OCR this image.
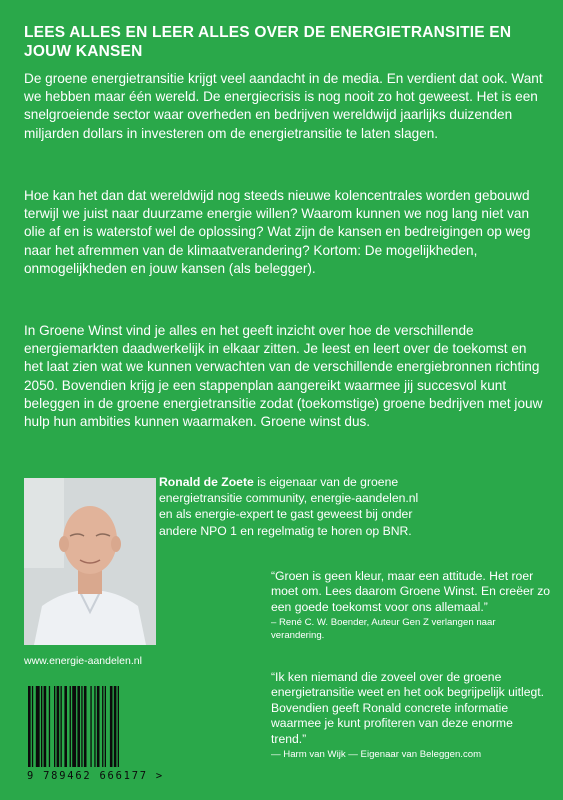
LEES ALLES EN LEER ALLES OVER DE ENERGIETRANSITIE EN JOUW KANSEN

De groene energietransitie krijgt veel aandacht in de media. En verdient dat ook. Want we hebben maar één wereld. De energiecrisis is nog nooit zo hot geweest. Het is een snelgroeiende sector waar overheden en bedrijven wereldwijd jaarlijks duizenden miljarden dollars in investeren om de energietransitie te laten slagen.

Hoe kan het dan dat wereldwijd nog steeds nieuwe kolencentrales worden gebouwd terwijl we juist naar duurzame energie willen? Waarom kunnen we nog lang niet van olie af en is waterstof wel de oplossing? Wat zijn de kansen en bedreigingen op weg naar het afremmen van de klimaatverandering? Kortom: De mogelijkheden, onmogelijkheden en jouw kansen (als belegger).

In Groene Winst vind je alles en het geeft inzicht over hoe de verschillende energiemarkten daadwerkelijk in elkaar zitten. Je leest en leert over de toekomst en het laat zien wat we kunnen verwachten van de verschillende energiebronnen richting 2050. Bovendien krijg je een stappenplan aangereikt waarmee jij succesvol kunt beleggen in de groene energietransitie zodat (toekomstige) groene bedrijven met jouw hulp hun ambities kunnen waarmaken. Groene winst dus.

Ronald de Zoete is eigenaar van de groene energietransitie community, energie-aandelen.nl en als energie-expert te gast geweest bij onder andere NPO 1 en regelmatig te horen op BNR.

www.energie-aandelen.nl

“Groen is geen kleur, maar een attitude. Het roer moet om. Lees daarom Groene Winst. En creëer zo een goede toekomst voor ons allemaal.”
– René C. W. Boender, Auteur Gen Z verlangen naar verandering.

“Ik ken niemand die zoveel over de groene energietransitie weet en het ook begrijpelijk uitlegt. Bovendien geeft Ronald concrete informatie waarmee je kunt profiteren van deze enorme trend.”
— Harm van Wijk — Eigenaar van Beleggen.com

9 789462 666177 >
